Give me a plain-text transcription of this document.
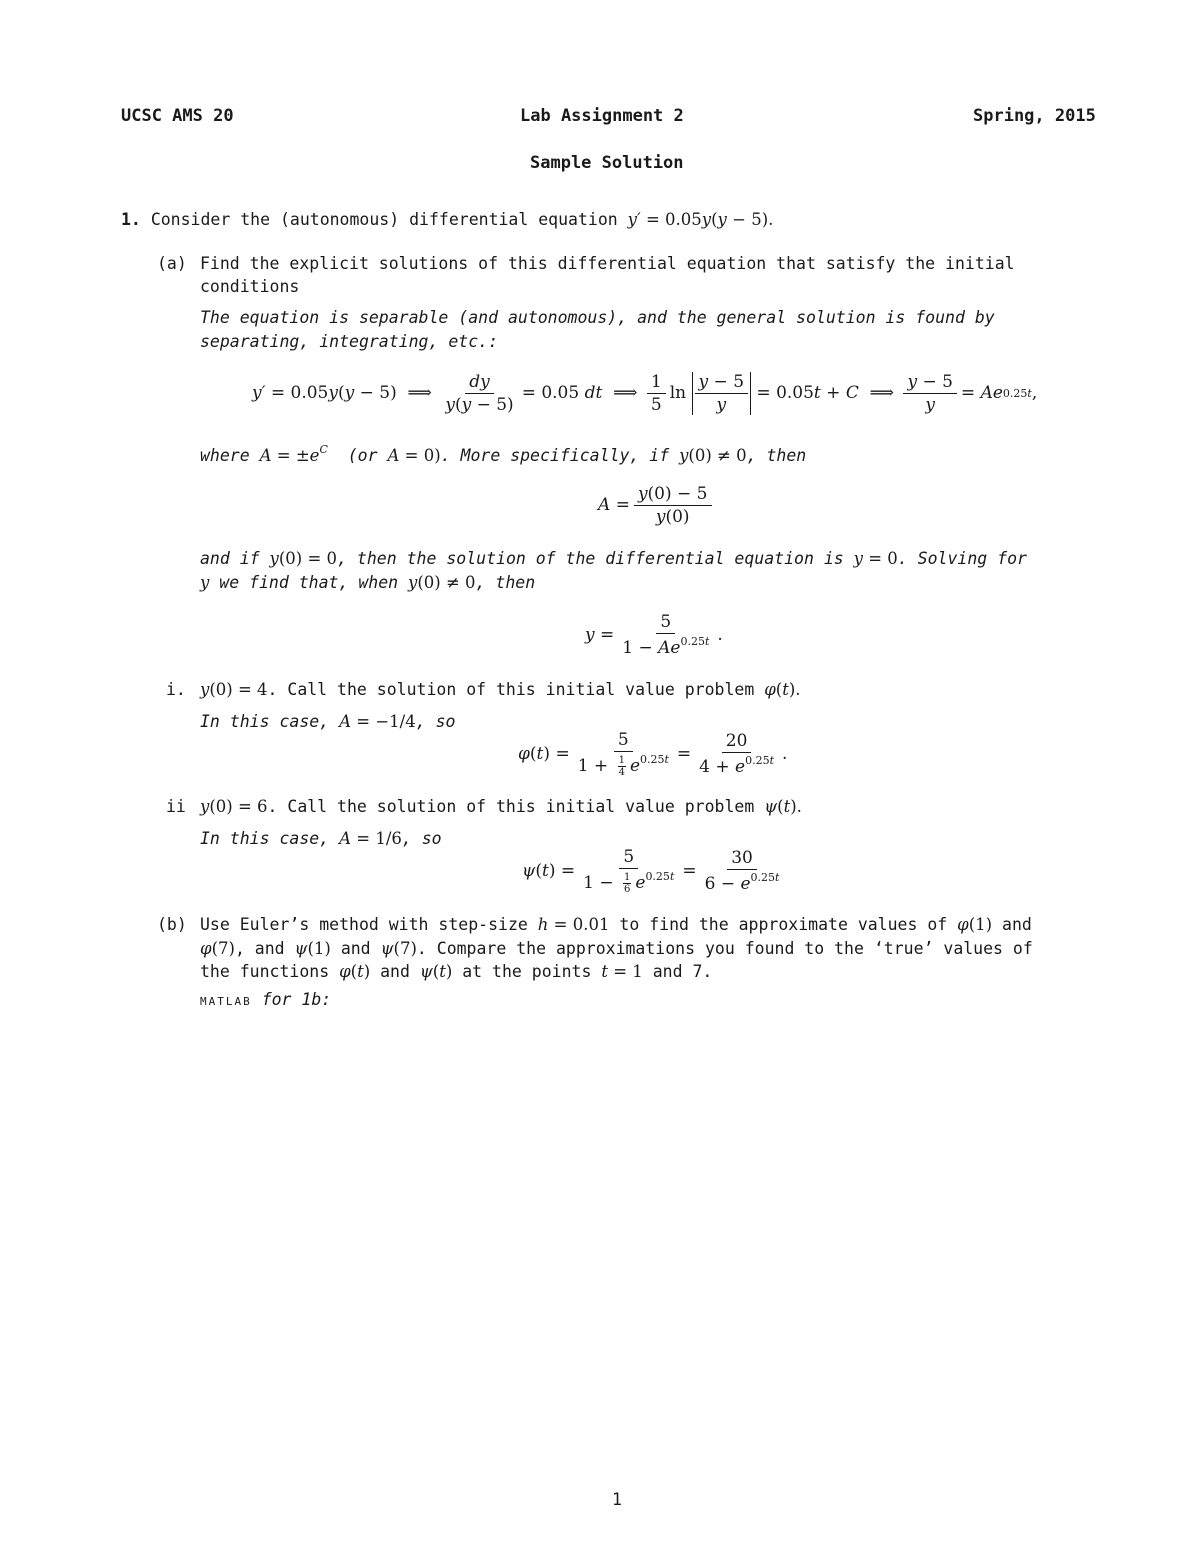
UCSC AMS 20	Lab Assignment 2	Spring, 2015
Sample Solution
1. Consider the (autonomous) differential equation y′ = 0.05y(y − 5).
(a) Find the explicit solutions of this differential equation that satisfy the initial
conditions
The equation is separable (and autonomous), and the general solution is found by
separating, integrating, etc.:
y′
= 0.05 y ( y − 5)
⟹
$\frac{dy}{y(y - 5)} = 0.05$ dt
⟹
$\frac{1}{5}$ ln
$\frac{y - 5}{y}$
= 0.05 t
+ C
⟹
$\frac{y - 5}{y} = Ae$ 0.25t ,
where $A = \pm e^C$ (or A = 0). More specifically, if y(0) ≠ 0, then
A
= $\frac{y(0) - 5}{y(0)}$
and if y(0) = 0, then the solution of the differential equation is y = 0. Solving for
y we find that, when y(0) ≠ 0, then
y
= $\frac{5}{1 - Ae^{0.25t}}$ .
i. y(0) = 4. Call the solution of this initial value problem φ(t).
In this case, A = −1/4, so
φ ( t )
= $\frac{5}{1 + \frac{1}{4} e^{0.25t}} = \frac{20}{4 + e^{0.25t}}$ .
ii y(0) = 6. Call the solution of this initial value problem ψ(t).
In this case, A = 1/6, so
ψ ( t )
= $\frac{5}{1 - \frac{1}{6} e^{0.25t}} = \frac{30}{6 - e^{0.25t}}$
(b) Use Euler’s method with step-size h = 0.01 to find the approximate values of φ(1) and
φ(7), and ψ(1) and ψ(7). Compare the approximations you found to the ‘true’ values of
the functions φ(t) and ψ(t) at the points t = 1 and 7.
MATLAB for 1b:
1
